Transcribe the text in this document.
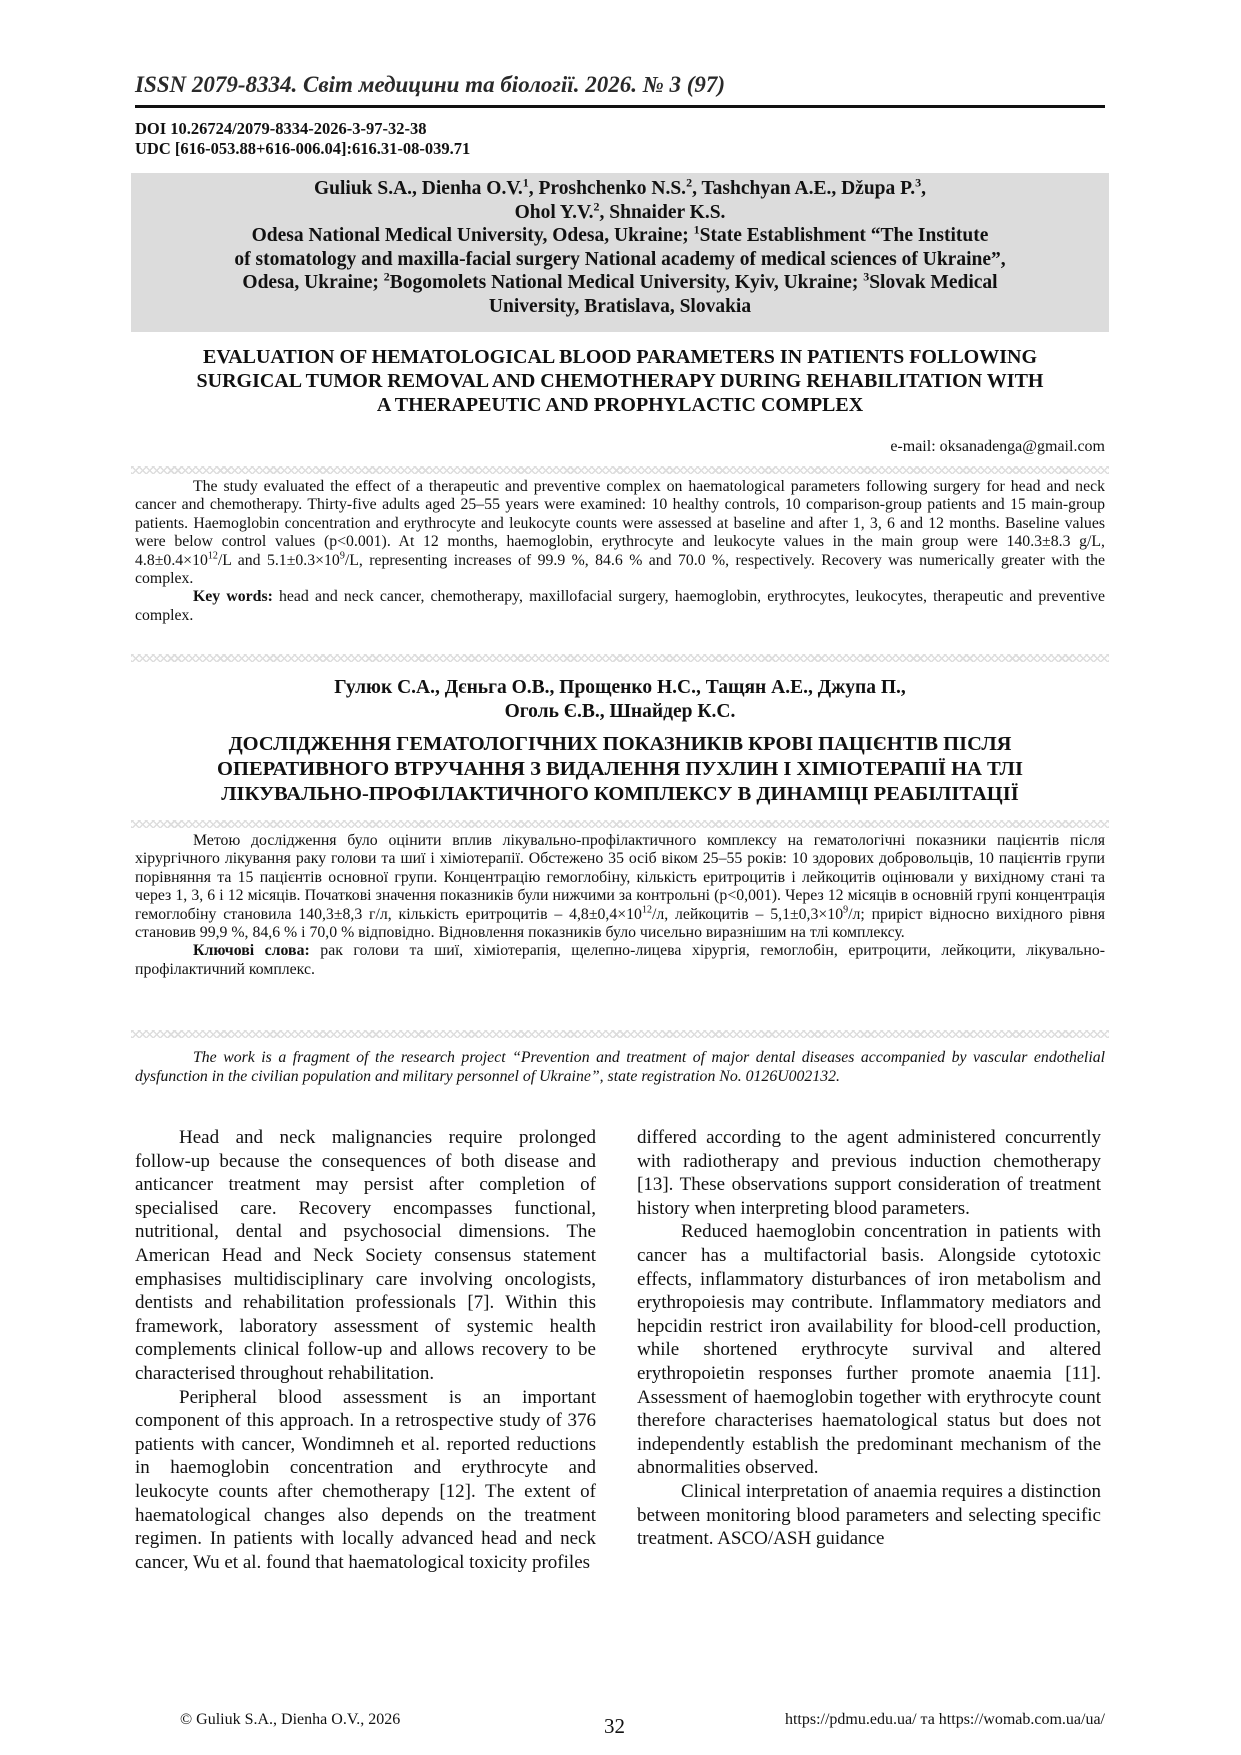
ISSN 2079-8334. Світ медицини та біології. 2026. № 3 (97)
DOI 10.26724/2079-8334-2026-3-97-32-38
UDC [616-053.88+616-006.04]:616.31-08-039.71
Guliuk S.A., Dienha O.V.$^1$, Proshchenko N.S.$^2$, Tashchyan A.E., Džupa P.$^3$,
Ohol Y.V.$^2$, Shnaider K.S.
Odesa National Medical University, Odesa, Ukraine; $^1$State Establishment “The Institute
of stomatology and maxilla-facial surgery National academy of medical sciences of Ukraine”,
Odesa, Ukraine; $^2$Bogomolets National Medical University, Kyiv, Ukraine; $^3$Slovak Medical
University, Bratislava, Slovakia
EVALUATION OF HEMATOLOGICAL BLOOD PARAMETERS IN PATIENTS FOLLOWING
SURGICAL TUMOR REMOVAL AND CHEMOTHERAPY DURING REHABILITATION WITH
A THERAPEUTIC AND PROPHYLACTIC COMPLEX
e-mail: oksanadenga@gmail.com

The study evaluated the effect of a therapeutic and preventive complex on haematological parameters following surgery for head and neck cancer and chemotherapy. Thirty-five adults aged 25–55 years were examined: 10 healthy controls, 10 comparison-group patients and 15 main-group patients. Haemoglobin concentration and erythrocyte and leukocyte counts were assessed at baseline and after 1, 3, 6 and 12 months. Baseline values were below control values (p<0.001). At 12 months, haemoglobin, erythrocyte and leukocyte values in the main group were 140.3±8.3 g/L, $4.8\pm 0.4\times 10^{12}/L$ and $5.1\pm 0.3\times 10^9/L$, representing increases of 99.9 %, 84.6 % and 70.0 %, respectively. Recovery was numerically greater with the complex.

Key words: head and neck cancer, chemotherapy, maxillofacial surgery, haemoglobin, erythrocytes, leukocytes, therapeutic and preventive complex.

Гулюк С.А., Дєньга О.В., Прощенко Н.С., Тащян А.Е., Джупа П.,
Оголь Є.В., Шнайдер К.С.
ДОСЛІДЖЕННЯ ГЕМАТОЛОГІЧНИХ ПОКАЗНИКІВ КРОВІ ПАЦІЄНТІВ ПІСЛЯ
ОПЕРАТИВНОГО ВТРУЧАННЯ З ВИДАЛЕННЯ ПУХЛИН І ХІМІОТЕРАПІЇ НА ТЛІ
ЛІКУВАЛЬНО-ПРОФІЛАКТИЧНОГО КОМПЛЕКСУ В ДИНАМІЦІ РЕАБІЛІТАЦІЇ

Метою дослідження було оцінити вплив лікувально-профілактичного комплексу на гематологічні показники пацієнтів після хірургічного лікування раку голови та шиї і хіміотерапії. Обстежено 35 осіб віком 25–55 років: 10 здорових добровольців, 10 пацієнтів групи порівняння та 15 пацієнтів основної групи. Концентрацію гемоглобіну, кількість еритроцитів і лейкоцитів оцінювали у вихідному стані та через 1, 3, 6 і 12 місяців. Початкові значення показників були нижчими за контрольні (p<0,001). Через 12 місяців в основній групі концентрація гемоглобіну становила 140,3±8,3 г/л, кількість еритроцитів – $4,8\pm 0,4\times 10^{12}/л$, лейкоцитів – $5,1\pm 0,3\times 10^9/л$; приріст відносно вихідного рівня становив 99,9 %, 84,6 % і 70,0 % відповідно. Відновлення показників було чисельно виразнішим на тлі комплексу.

Ключові слова: рак голови та шиї, хіміотерапія, щелепно-лицева хірургія, гемоглобін, еритроцити, лейкоцити, лікувально-профілактичний комплекс.

The work is a fragment of the research project “Prevention and treatment of major dental diseases accompanied by vascular endothelial dysfunction in the civilian population and military personnel of Ukraine”, state registration No. 0126U002132.

Head and neck malignancies require prolonged follow-up because the consequences of both disease and anticancer treatment may persist after completion of specialised care. Recovery encompasses functional, nutritional, dental and psychosocial dimensions. The American Head and Neck Society consensus statement emphasises multidisciplinary care involving oncologists, dentists and rehabilitation professionals [7]. Within this framework, laboratory assessment of systemic health complements clinical follow-up and allows recovery to be characterised throughout rehabilitation.

Peripheral blood assessment is an important component of this approach. In a retrospective study of 376 patients with cancer, Wondimneh et al. reported reductions in haemoglobin concentration and erythrocyte and leukocyte counts after chemotherapy [12]. The extent of haematological changes also depends on the treatment regimen. In patients with locally advanced head and neck cancer, Wu et al. found that haematological toxicity profiles

differed according to the agent administered concurrently with radiotherapy and previous induction chemotherapy [13]. These observations support consideration of treatment history when interpreting blood parameters.

Reduced haemoglobin concentration in patients with cancer has a multifactorial basis. Alongside cytotoxic effects, inflammatory disturbances of iron metabolism and erythropoiesis may contribute. Inflammatory mediators and hepcidin restrict iron availability for blood-cell production, while shortened erythrocyte survival and altered erythropoietin responses further promote anaemia [11]. Assessment of haemoglobin together with erythrocyte count therefore characterises haematological status but does not independently establish the predominant mechanism of the abnormalities observed.

Clinical interpretation of anaemia requires a distinction between monitoring blood parameters and selecting specific treatment. ASCO/ASH guidance

© Guliuk S.A., Dienha O.V., 2026	32	https://pdmu.edu.ua/ та https://womab.com.ua/ua/
